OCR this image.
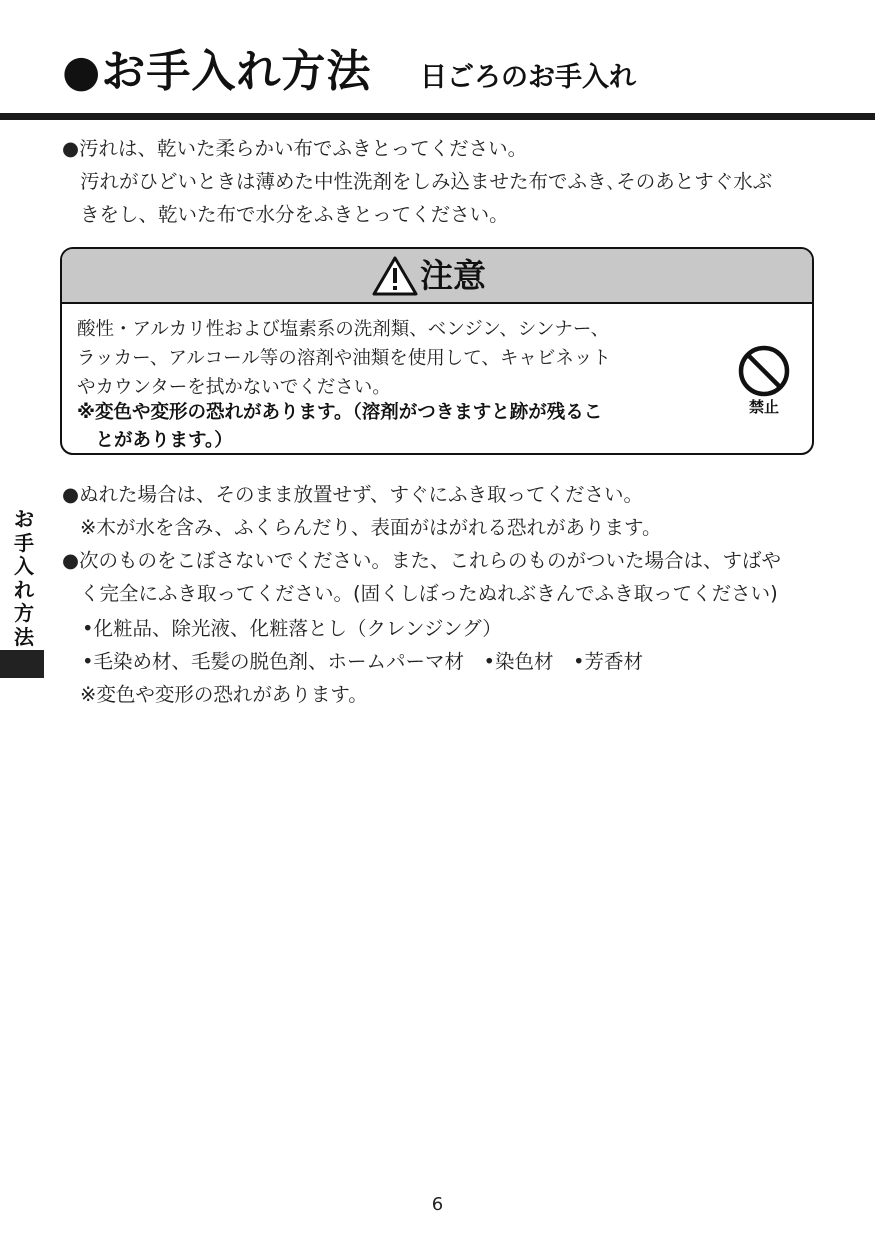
●お手入れ方法 日ごろのお手入れ
●汚れは、乾いた柔らかい布でふきとってください。
汚れがひどいときは薄めた中性洗剤をしみ込ませた布でふき､そのあとすぐ水ぶ
きをし、乾いた布で水分をふきとってください。
注意
酸性・アルカリ性および塩素系の洗剤類、ベンジン、シンナー、
ラッカー、アルコール等の溶剤や油類を使用して、キャビネット
やカウンターを拭かないでください。
※変色や変形の恐れがあります。（溶剤がつきますと跡が残るこ
　とがあります。）
禁止
●ぬれた場合は、そのまま放置せず、すぐにふき取ってください。
※木が水を含み、ふくらんだり、表面がはがれる恐れがあります。
●次のものをこぼさないでください。また、これらのものがついた場合は、すばや
く完全にふき取ってください。(固くしぼったぬれぶきんでふき取ってください)
•化粧品、除光液、化粧落とし（クレンジング）
•毛染め材、毛髪の脱色剤、ホームパーマ材　•染色材　•芳香材
※変色や変形の恐れがあります。
お
手
入
れ
方
法
6
